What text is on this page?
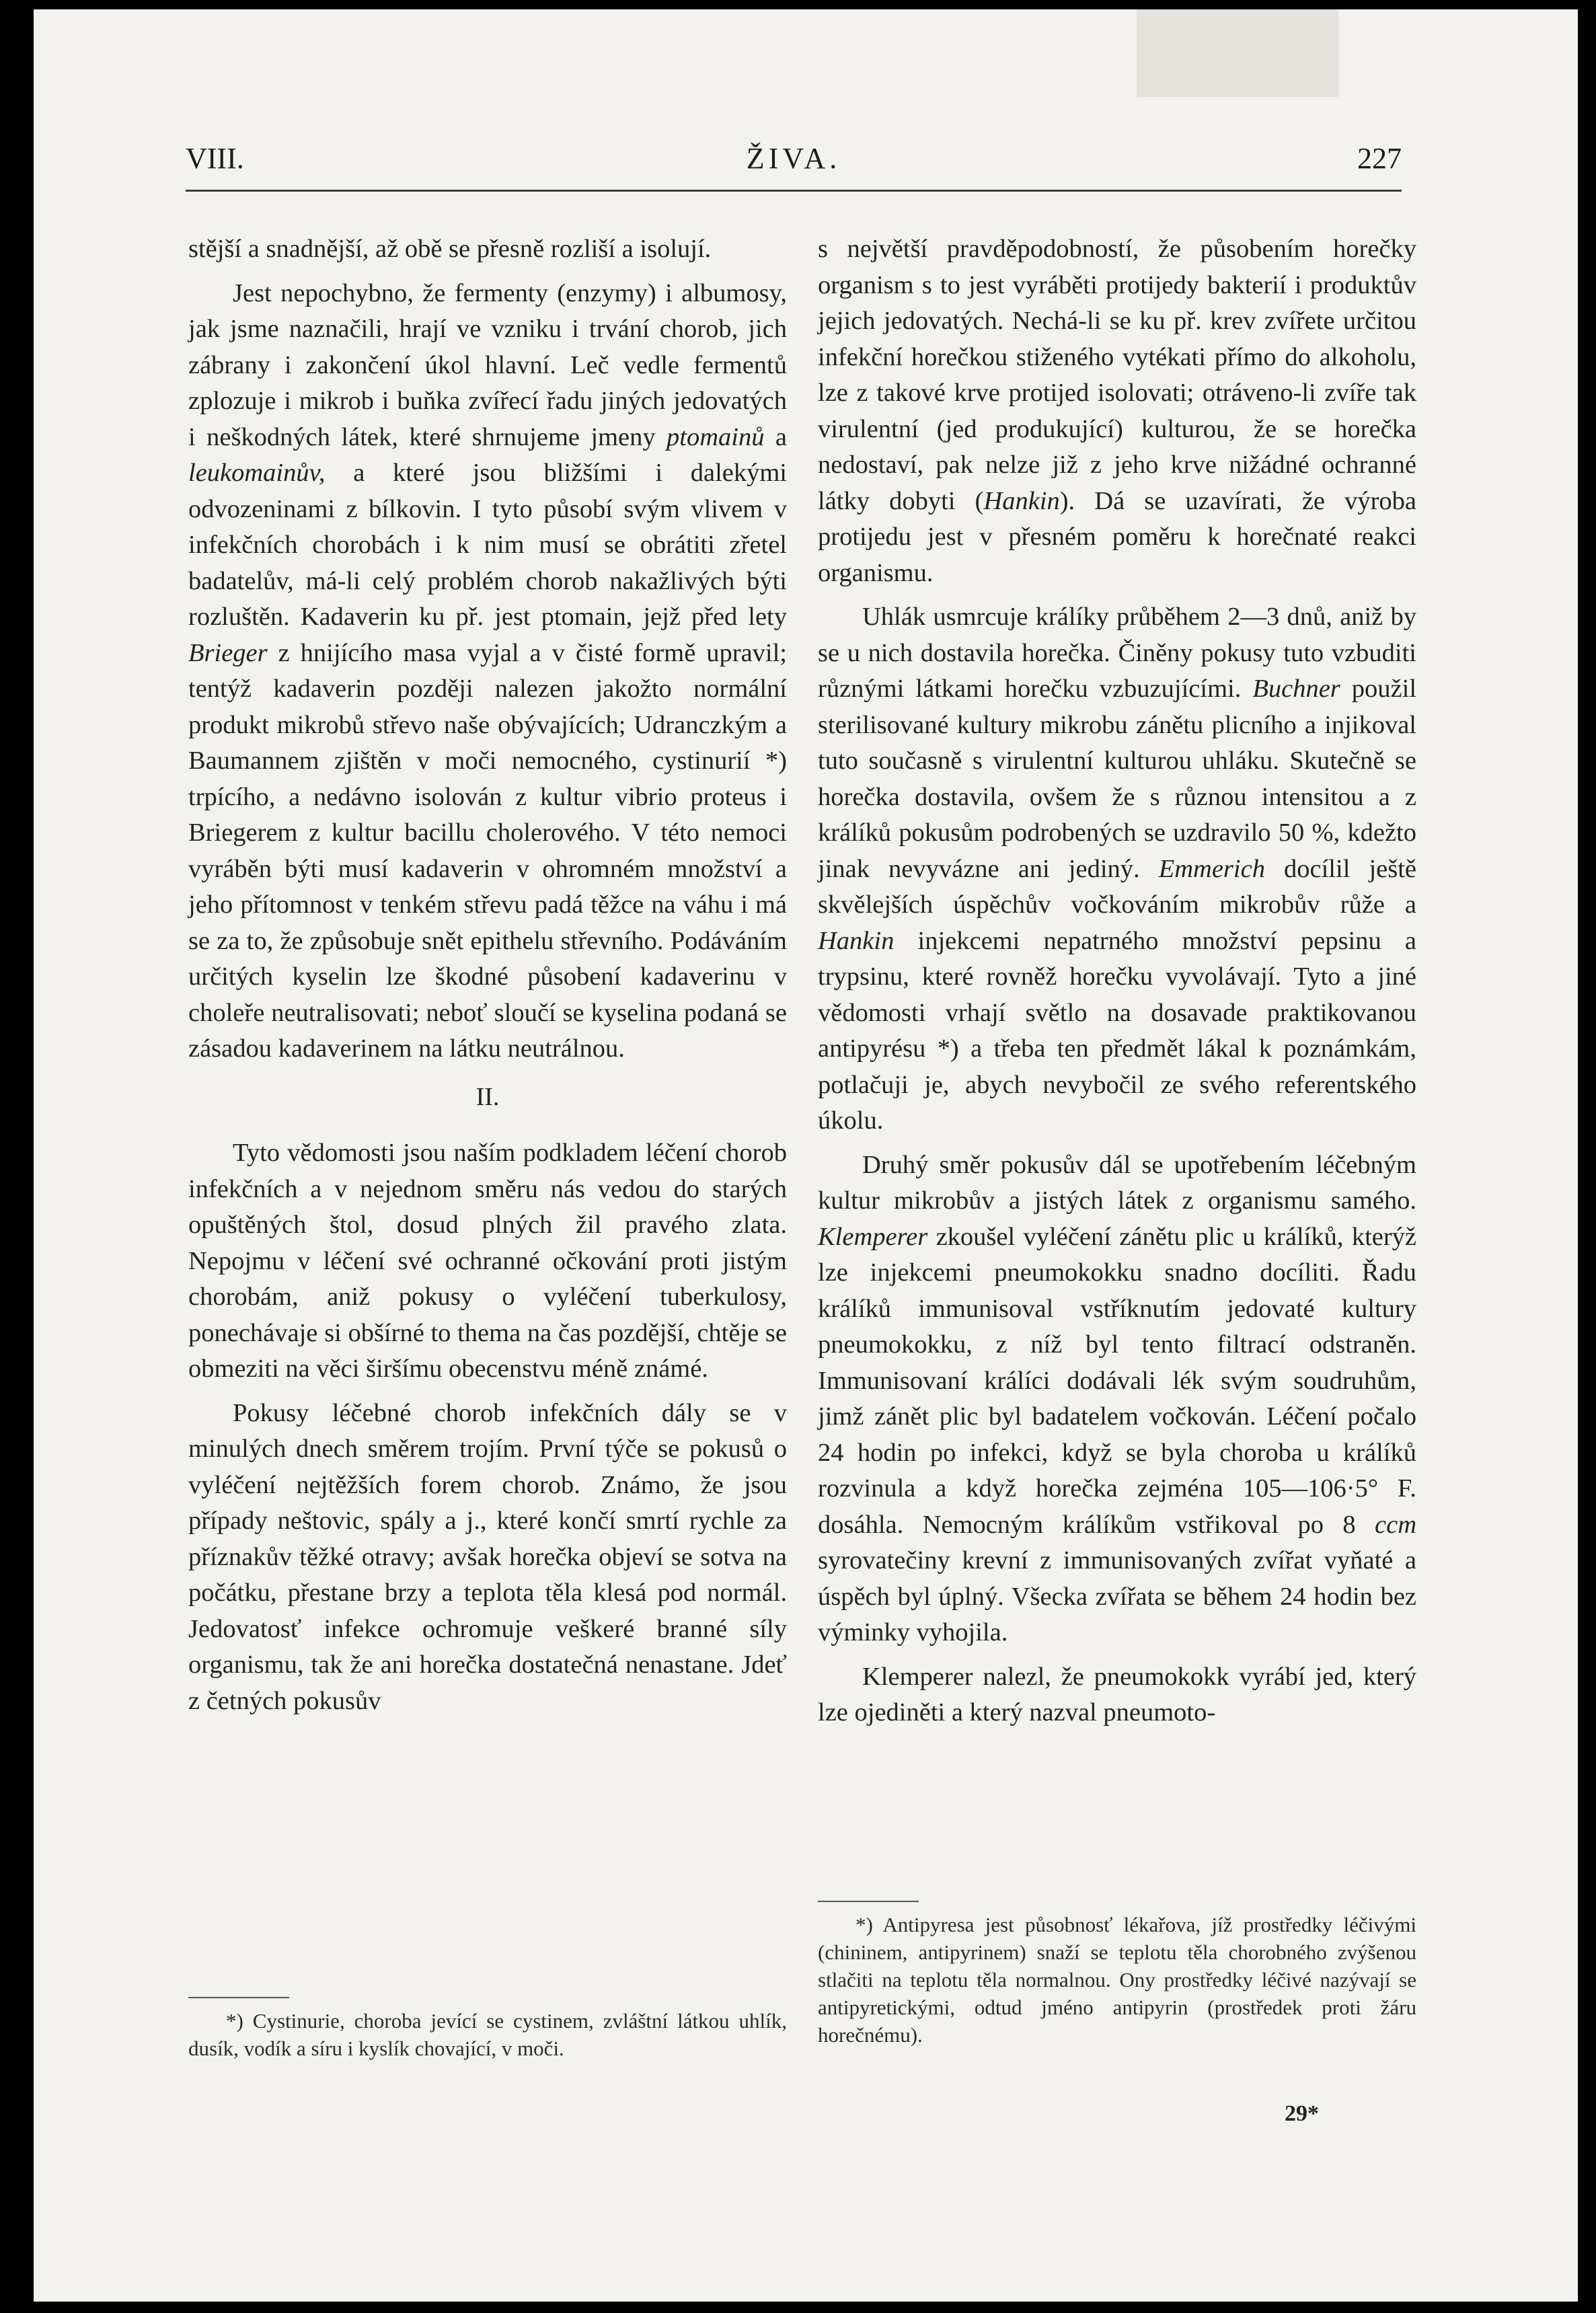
VIII.	ŽIVA.	227

stější a snadnější, až obě se přesně rozliší a isolují.

Jest nepochybno, že fermenty (enzymy) i albumosy, jak jsme naznačili, hrají ve vzniku i trvání chorob, jich zábrany i zakončení úkol hlavní. Leč vedle fermentů zplozuje i mikrob i buňka zvířecí řadu jiných jedovatých i neškodných látek, které shrnujeme jmeny ptomainů a leukomainův, a které jsou bližšími i dalekými odvozeninami z bílkovin. I tyto působí svým vlivem v infekčních chorobách i k nim musí se obrátiti zřetel badatelův, má-li celý problém chorob nakažlivých býti rozluštěn. Kadaverin ku př. jest ptomain, jejž před lety Brieger z hnijícího masa vyjal a v čisté formě upravil; tentýž kadaverin později nalezen jakožto normální produkt mikrobů střevo naše obývajících; Udranczkým a Baumannem zjištěn v moči nemocného, cystinurií *) trpícího, a nedávno isolován z kultur vibrio proteus i Briegerem z kultur bacillu cholerového. V této nemoci vyráběn býti musí kadaverin v ohromném množství a jeho přítomnost v tenkém střevu padá těžce na váhu i má se za to, že způsobuje snět epithelu střevního. Podáváním určitých kyselin lze škodné působení kadaverinu v choleře neutralisovati; neboť sloučí se kyselina podaná se zásadou kadaverinem na látku neutrálnou.

II.

Tyto vědomosti jsou naším podkladem léčení chorob infekčních a v nejednom směru nás vedou do starých opuštěných štol, dosud plných žil pravého zlata. Nepojmu v léčení své ochranné očkování proti jistým chorobám, aniž pokusy o vyléčení tuberkulosy, ponechávaje si obšírné to thema na čas pozdější, chtěje se obmeziti na věci širšímu obecenstvu méně známé.

Pokusy léčebné chorob infekčních dály se v minulých dnech směrem trojím. První týče se pokusů o vyléčení nejtěžších forem chorob. Známo, že jsou případy neštovic, spály a j., které končí smrtí rychle za příznakův těžké otravy; avšak horečka objeví se sotva na počátku, přestane brzy a teplota těla klesá pod normál. Jedovatosť infekce ochromuje veškeré branné síly organismu, tak že ani horečka dostatečná nenastane. Jdeť z četných pokusův

*) Cystinurie, choroba jevící se cystinem, zvláštní látkou uhlík, dusík, vodík a síru i kyslík chovající, v moči.

s největší pravděpodobností, že působením horečky organism s to jest vyráběti protijedy bakterií i produktův jejich jedovatých. Nechá-li se ku př. krev zvířete určitou infekční horečkou stiženého vytékati přímo do alkoholu, lze z takové krve protijed isolovati; otráveno-li zvíře tak virulentní (jed produkující) kulturou, že se horečka nedostaví, pak nelze již z jeho krve nižádné ochranné látky dobyti (Hankin). Dá se uzavírati, že výroba protijedu jest v přesném poměru k horečnaté reakci organismu.

Uhlák usmrcuje králíky průběhem 2—3 dnů, aniž by se u nich dostavila horečka. Činěny pokusy tuto vzbuditi různými látkami horečku vzbuzujícími. Buchner použil sterilisované kultury mikrobu zánětu plicního a injikoval tuto současně s virulentní kulturou uhláku. Skutečně se horečka dostavila, ovšem že s různou intensitou a z králíků pokusům podrobených se uzdravilo 50 %, kdežto jinak nevyvázne ani jediný. Emmerich docílil ještě skvělejších úspěchův vočkováním mikrobův růže a Hankin injekcemi nepatrného množství pepsinu a trypsinu, které rovněž horečku vyvolávají. Tyto a jiné vědomosti vrhají světlo na dosavade praktikovanou antipyrésu *) a třeba ten předmět lákal k poznámkám, potlačuji je, abych nevybočil ze svého referentského úkolu.

Druhý směr pokusův dál se upotřebením léčebným kultur mikrobův a jistých látek z organismu samého. Klemperer zkoušel vyléčení zánětu plic u králíků, kterýž lze injekcemi pneumokokku snadno docíliti. Řadu králíků immunisoval vstříknutím jedovaté kultury pneumokokku, z níž byl tento filtrací odstraněn. Immunisovaní králíci dodávali lék svým soudruhům, jimž zánět plic byl badatelem vočkován. Léčení počalo 24 hodin po infekci, když se byla choroba u králíků rozvinula a když horečka zejména 105—106·5° F. dosáhla. Nemocným králíkům vstřikoval po 8 ccm syrovatečiny krevní z immunisovaných zvířat vyňaté a úspěch byl úplný. Všecka zvířata se během 24 hodin bez výminky vyhojila.

Klemperer nalezl, že pneumokokk vyrábí jed, který lze ojediněti a který nazval pneumoto-

*) Antipyresa jest působnosť lékařova, jíž prostředky léčivými (chininem, antipyrinem) snaží se teplotu těla chorobného zvýšenou stlačiti na teplotu těla normalnou. Ony prostředky léčivé nazývají se antipyretickými, odtud jméno antipyrin (prostředek proti žáru horečnému).

29*
